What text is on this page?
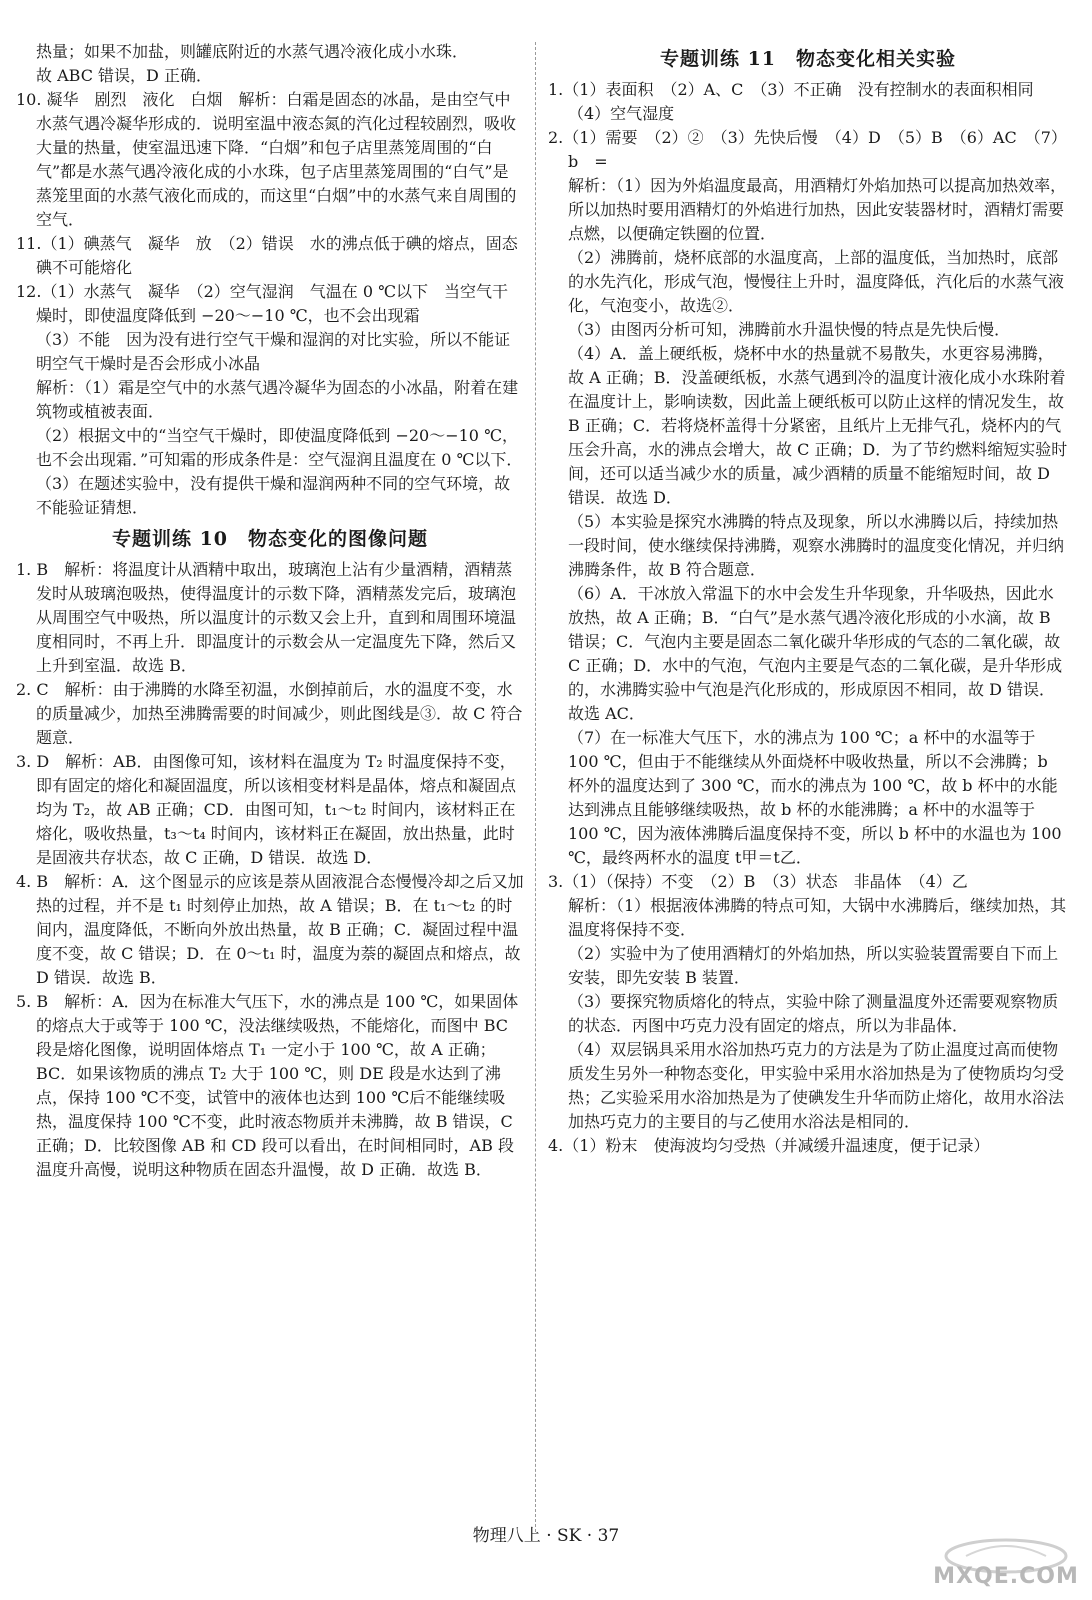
热量；如果不加盐，则罐底附近的水蒸气遇冷液化成小水珠．

故 ABC 错误，D 正确．

10. 凝华　剧烈　液化　白烟　解析：白霜是固态的冰晶，是由空气中水蒸气遇冷凝华形成的．说明室温中液态氮的汽化过程较剧烈，吸收大量的热量，使室温迅速下降．“白烟”和包子店里蒸笼周围的“白气”都是水蒸气遇冷液化成的小水珠，包子店里蒸笼周围的“白气”是蒸笼里面的水蒸气液化而成的，而这里“白烟”中的水蒸气来自周围的空气．

11.（1）碘蒸气　凝华　放　（2）错误　水的沸点低于碘的熔点，固态碘不可能熔化

12.（1）水蒸气　凝华　（2）空气湿润　气温在 0 ℃以下　当空气干燥时，即使温度降低到 −20～−10 ℃，也不会出现霜

（3）不能　因为没有进行空气干燥和湿润的对比实验，所以不能证明空气干燥时是否会形成小冰晶

解析：（1）霜是空气中的水蒸气遇冷凝华为固态的小冰晶，附着在建筑物或植被表面．

（2）根据文中的“当空气干燥时，即使温度降低到 −20～−10 ℃，也不会出现霜．”可知霜的形成条件是：空气湿润且温度在 0 ℃以下．

（3）在题述实验中，没有提供干燥和湿润两种不同的空气环境，故不能验证猜想．

专题训练 10　物态变化的图像问题

1. B　解析：将温度计从酒精中取出，玻璃泡上沾有少量酒精，酒精蒸发时从玻璃泡吸热，使得温度计的示数下降，酒精蒸发完后，玻璃泡从周围空气中吸热，所以温度计的示数又会上升，直到和周围环境温度相同时，不再上升．即温度计的示数会从一定温度先下降，然后又上升到室温．故选 B．

2. C　解析：由于沸腾的水降至初温，水倒掉前后，水的温度不变，水的质量减少，加热至沸腾需要的时间减少，则此图线是③．故 C 符合题意．

3. D　解析：AB．由图像可知，该材料在温度为 T₂ 时温度保持不变，即有固定的熔化和凝固温度，所以该相变材料是晶体，熔点和凝固点均为 T₂，故 AB 正确；CD．由图可知，t₁～t₂ 时间内，该材料正在熔化，吸收热量，t₃～t₄ 时间内，该材料正在凝固，放出热量，此时是固液共存状态，故 C 正确，D 错误．故选 D．

4. B　解析：A．这个图显示的应该是萘从固液混合态慢慢冷却之后又加热的过程，并不是 t₁ 时刻停止加热，故 A 错误；B．在 t₁～t₂ 的时间内，温度降低，不断向外放出热量，故 B 正确；C．凝固过程中温度不变，故 C 错误；D．在 0～t₁ 时，温度为萘的凝固点和熔点，故 D 错误．故选 B．

5. B　解析：A．因为在标准大气压下，水的沸点是 100 ℃，如果固体的熔点大于或等于 100 ℃，没法继续吸热，不能熔化，而图中 BC 段是熔化图像，说明固体熔点 T₁ 一定小于 100 ℃，故 A 正确；BC．如果该物质的沸点 T₂ 大于 100 ℃，则 DE 段是水达到了沸点，保持 100 ℃不变，试管中的液体也达到 100 ℃后不能继续吸热，温度保持 100 ℃不变，此时液态物质并未沸腾，故 B 错误，C 正确；D．比较图像 AB 和 CD 段可以看出，在时间相同时，AB 段温度升高慢，说明这种物质在固态升温慢，故 D 正确．故选 B．

专题训练 11　物态变化相关实验

1.（1）表面积　（2）A、C　（3）不正确　没有控制水的表面积相同　（4）空气湿度

2.（1）需要　（2）②　（3）先快后慢　（4）D　（5）B　（6）AC　（7）b　=

解析：（1）因为外焰温度最高，用酒精灯外焰加热可以提高加热效率，所以加热时要用酒精灯的外焰进行加热，因此安装器材时，酒精灯需要点燃，以便确定铁圈的位置．

（2）沸腾前，烧杯底部的水温度高，上部的温度低，当加热时，底部的水先汽化，形成气泡，慢慢往上升时，温度降低，汽化后的水蒸气液化，气泡变小，故选②．

（3）由图丙分析可知，沸腾前水升温快慢的特点是先快后慢．

（4）A．盖上硬纸板，烧杯中水的热量就不易散失，水更容易沸腾，故 A 正确；B．没盖硬纸板，水蒸气遇到冷的温度计液化成小水珠附着在温度计上，影响读数，因此盖上硬纸板可以防止这样的情况发生，故 B 正确；C．若将烧杯盖得十分紧密，且纸片上无排气孔，烧杯内的气压会升高，水的沸点会增大，故 C 正确；D．为了节约燃料缩短实验时间，还可以适当减少水的质量，减少酒精的质量不能缩短时间，故 D 错误．故选 D．

（5）本实验是探究水沸腾的特点及现象，所以水沸腾以后，持续加热一段时间，使水继续保持沸腾，观察水沸腾时的温度变化情况，并归纳沸腾条件，故 B 符合题意．

（6）A．干冰放入常温下的水中会发生升华现象，升华吸热，因此水放热，故 A 正确；B．“白气”是水蒸气遇冷液化形成的小水滴，故 B 错误；C．气泡内主要是固态二氧化碳升华形成的气态的二氧化碳，故 C 正确；D．水中的气泡，气泡内主要是气态的二氧化碳，是升华形成的，水沸腾实验中气泡是汽化形成的，形成原因不相同，故 D 错误．故选 AC．

（7）在一标准大气压下，水的沸点为 100 ℃；a 杯中的水温等于 100 ℃，但由于不能继续从外面烧杯中吸收热量，所以不会沸腾；b 杯外的温度达到了 300 ℃，而水的沸点为 100 ℃，故 b 杯中的水能达到沸点且能够继续吸热，故 b 杯的水能沸腾；a 杯中的水温等于 100 ℃，因为液体沸腾后温度保持不变，所以 b 杯中的水温也为 100 ℃，最终两杯水的温度 t甲＝t乙．

3.（1）（保持）不变　（2）B　（3）状态　非晶体　（4）乙

解析：（1）根据液体沸腾的特点可知，大锅中水沸腾后，继续加热，其温度将保持不变．

（2）实验中为了使用酒精灯的外焰加热，所以实验装置需要自下而上安装，即先安装 B 装置．

（3）要探究物质熔化的特点，实验中除了测量温度外还需要观察物质的状态．丙图中巧克力没有固定的熔点，所以为非晶体．

（4）双层锅具采用水浴加热巧克力的方法是为了防止温度过高而使物质发生另外一种物态变化，甲实验中采用水浴加热是为了使物质均匀受热；乙实验采用水浴加热是为了使碘发生升华而防止熔化，故用水浴法加热巧克力的主要目的与乙使用水浴法是相同的．

4.（1）粉末　使海波均匀受热（并减缓升温速度，便于记录）

物理八上 · SK · 37
MXQE.COM
